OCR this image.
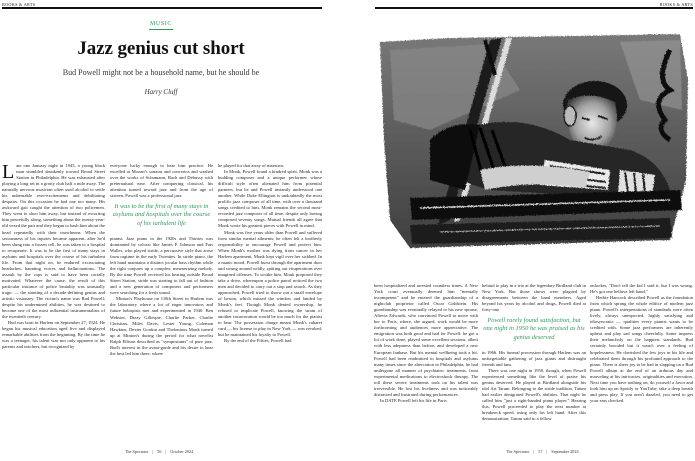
BOOKS & ARTS
MUSIC
Jazz genius cut short
Bud Powell might not be a household name, but he should be
Harry Cluff

Late one January night in 1945, a young black man stumbled drunkenly toward Broad Street Station in Philadelphia. He was exhausted after playing a long set in a grotty club half a mile away. The naturally nervous musician often used alcohol to settle his unbearable over-excitements and debilitating despairs. On this occasion he had one too many. His awkward gait caught the attention of two policemen. They went to shoo him away, but instead of escorting him peacefully along, something about the twenty-year-old vexed the pair and they began to bash him about the head repeatedly with their truncheons. When the seriousness of his injuries became apparent, after he'd been slung into a frozen cell, he was taken to a hospital to recuperate. It was to be the first of many stays in asylums and hospitals over the course of his turbulent life. From that night on, he endured excruciating headaches, haunting voices and hallucinations. The assault by the cops is said to have been racially motivated. Whatever the cause, the result of this particular instance of police brutality was unusually tragic — the stunting of a decade-defining genius and artistic visionary. The victim's name was Bud Powell; despite his undermined abilities, he was destined to become one of the most influential instrumentalists of the twentieth century.

Bud was born in Harlem on September 27, 1924. He began his musical education aged five and displayed remarkable abilities from the beginning. By the time he was a teenager, his talent was not only apparent to his parents and teachers, but recognized by

everyone lucky enough to hear him practice. He excelled at Mozart's sonatas and concertos and washed over the works of Schumann, Bach and Debussy with preternatural ease. After conquering classical, his attention turned toward jazz and from the age of sixteen, Powell was a professional jazz

It was to be the first of many stays in asylums and hospitals over the course of his turbulent life

pianist. Jazz piano in the 1920s and Thirties was dominated by colossi like James P. Johnson and Fats Waller, who played stride, a percussive style that arose from ragtime in the early Twenties. In stride piano, the left hand maintains a distinct jocular bass rhythm while the right conjures up a complex, mesmerizing melody. By the time Powell received his beating outside Broad Street Station, stride was starting to fall out of fashion and a new generation of composers and performers were searching for a fresh sound.

Minton's Playhouse on 118th Street in Harlem was the laboratory where a lot of eager innovators and future bebopists met and experimented in 1940. Ben Webster, Dizzy Gillespie, Charlie Parker, Charlie Christian, Miles Davis, Lester Young, Coleman Hawkins, Dexter Gordon and Thelonious Monk turned up at Minton's during the period for what novelist Ralph Ellison described as "symposiums" of pure jazz. Bud's interest in the avant-garde and his desire to hear the best led him there, where

he played for that array of maestros.

In Monk, Powell found a kindred spirit. Monk was a budding composer and a unique performer whose difficult style often alienated him from potential partners, but he and Powell instantly understood one another. While Duke Ellington is undoubtedly the most prolific jazz composer of all time, with over a thousand songs credited to him, Monk remains the second most-recorded jazz composer of all time, despite only having composed seventy songs. Mutual friends all agree that Monk wrote his greatest pieces with Powell in mind.

Monk was five years older than Powell and suffered from similar mental ailments; he often felt a brotherly responsibility to encourage Powell and protect him. When Monk's mother was dying from cancer in her Harlem apartment, Monk kept vigil over her sickbed. In a manic mood, Powell burst through the apartment door and swung around wildly, spitting out vituperations over imagined offenses. To soothe him, Monk proposed they take a drive, whereupon a police patrol noticed the two men and decided to carry out a stop and search. As they approached, Powell tried to throw out a small envelope of heroin, which missed the window and landed by Monk's feet. Though Monk denied ownership, he refused to implicate Powell, knowing the strain of another incarceration would be too much for the pianist to bear. The possession charge meant Monk's cabaret card — his license to play in New York — was revoked, but he maintained his loyalty to Powell.

By the end of the Fifties, Powell had

The Spectator | 56 | October 2024
BOOKS & ARTS

been hospitalized and arrested countless times. A New York court eventually deemed him "mentally incompetent" and he entered the guardianship of a nightclub proprietor called Oscar Goldstein. His guardianship was eventually relayed to his new spouse, Altevia Edwards, who convinced Powell to move with her to Paris, where, she argued, work would be more forthcoming and audiences more appreciative. The emigration was both good and bad for Powell: he got a lot of work done, played some excellent sessions, albeit with less adeptness than before, and developed a new European fanbase. But his mental wellbeing took a hit. Powell had been readmitted to hospitals and asylums many times since the altercation in Philadelphia; he had undergone all manner of psychiatric treatments, from experimental medications to electroshock therapy. The toll these severe treatments took on his talent was irreversible. He lost his liveliness and was noticeably distracted and frustrated during performances.

In DATE Powell left his life in Paris

behind to play in a trio at the legendary Birdland club in New York. But those shows were plagued by disagreements between the band members. Aged beyond his years by alcohol and drugs, Powell died at forty-one

Powell rarely found satisfaction, but one night in 1950 he was praised as his genius deserved

in 1966. His funeral procession through Harlem was an unforgettable gathering of jazz giants and distraught friends and fans.

There was one night in 1950, though, when Powell experienced something like the level of praise his genius deserved. He played at Birdland alongside his idol Art Tatum. Belonging to the stride tradition, Tatum had earlier denigrated Powell's abilities. That night he called him "just a right-handed piano player." Hearing this, Powell proceeded to play the next number at breakneck speed, using only his left hand. After this demonstration, Tatum said to a fellow

onlooker, "Don't tell the kid I said it, but I was wrong. He's got one helluva left hand."

Herbie Hancock described Powell as the foundation from which sprang the whole edifice of modern jazz piano. Powell's interpretations of standards were often lively, always unexpected, highly satisfying and idiosyncratic — qualities every pianist wants to be credited with. Some jazz performers are inherently upbeat and play sad songs cheerfully. Some impress their melancholy on the happiest standards. Bud certainly brooded but it wasn't over a feeling of hopelessness. He cherished the few joys in his life and celebrated them through his profound approach to the piano. There is sheer joy to be had in slapping on a Bud Powell album at the end of an arduous day and marveling at his intricacies, originalities and execution. Next time you have nothing on, do yourself a favor and look him up on Spotify or YouTube, take a deep breath and press play. If you aren't dazzled, you need to get your ears checked.

The Spectator | 57 | September 2024
